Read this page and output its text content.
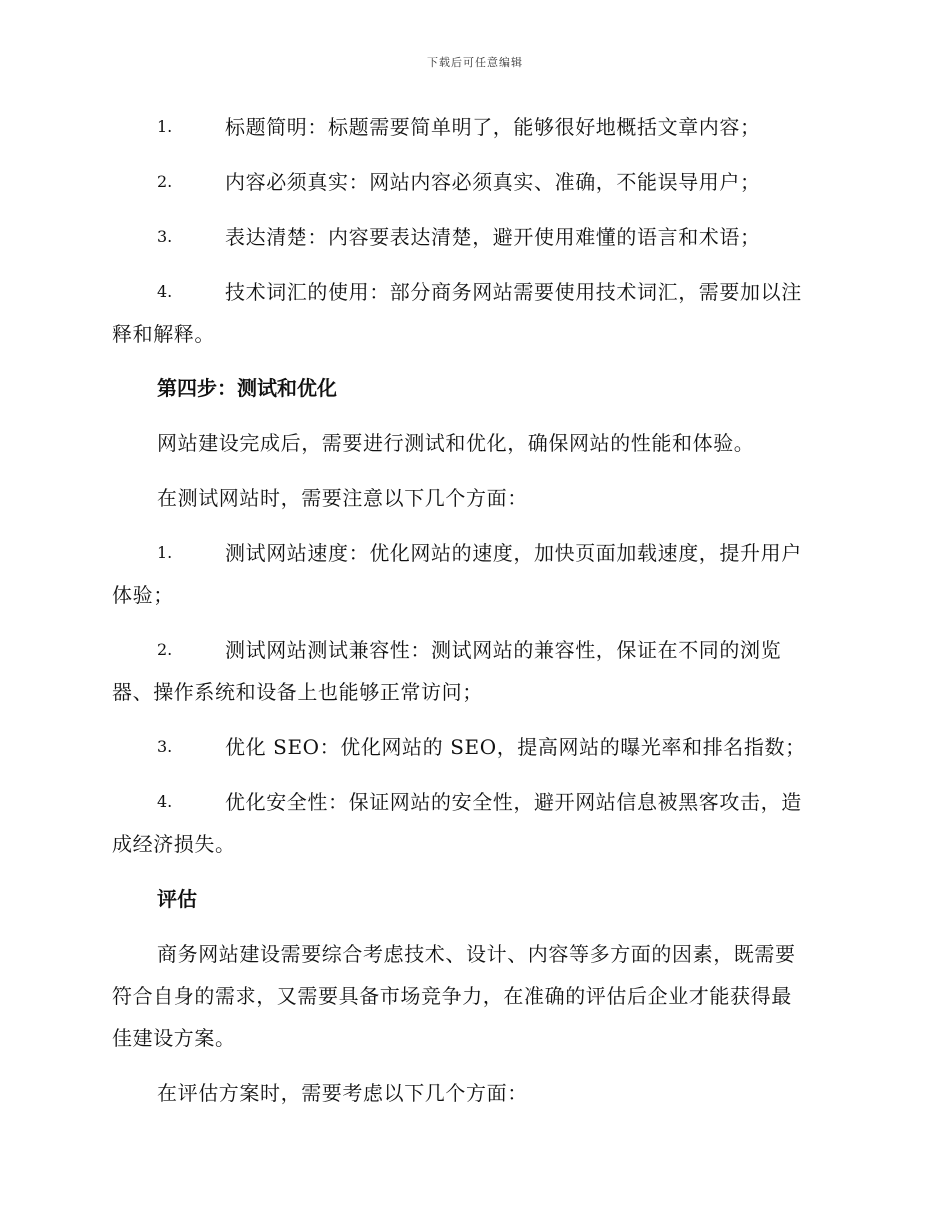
下载后可任意编辑
1.	标题简明：标题需要简单明了，能够很好地概括文章内容；
2.	内容必须真实：网站内容必须真实、准确，不能误导用户；
3.	表达清楚：内容要表达清楚，避开使用难懂的语言和术语；
4.	技术词汇的使用：部分商务网站需要使用技术词汇，需要加以注
释和解释。
第四步：测试和优化
网站建设完成后，需要进行测试和优化，确保网站的性能和体验。
在测试网站时，需要注意以下几个方面：
1.	测试网站速度：优化网站的速度，加快页面加载速度，提升用户
体验；
2.	测试网站测试兼容性：测试网站的兼容性，保证在不同的浏览
器、操作系统和设备上也能够正常访问；
3.	优化 SEO：优化网站的 SEO，提高网站的曝光率和排名指数；
4.	优化安全性：保证网站的安全性，避开网站信息被黑客攻击，造
成经济损失。
评估
商务网站建设需要综合考虑技术、设计、内容等多方面的因素，既需要
符合自身的需求，又需要具备市场竞争力，在准确的评估后企业才能获得最
佳建设方案。
在评估方案时，需要考虑以下几个方面：
